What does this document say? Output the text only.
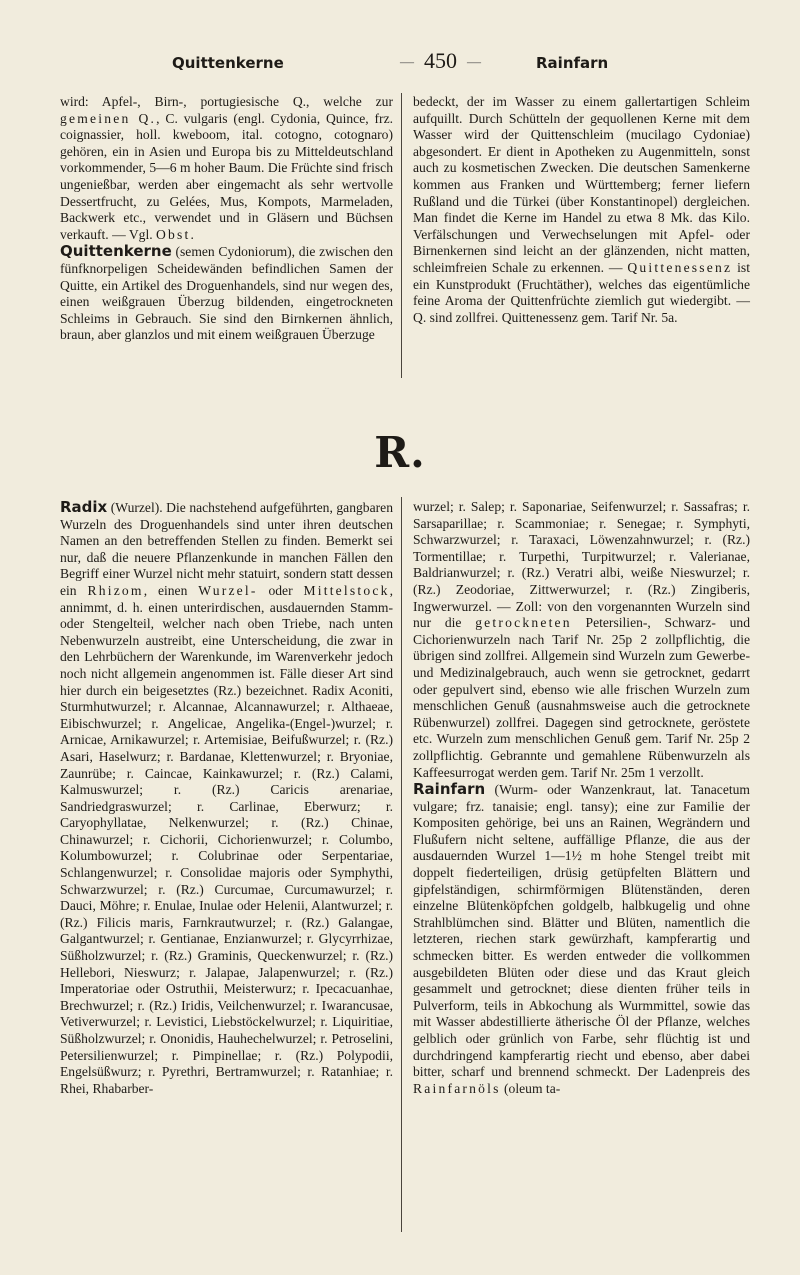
Quittenkerne	— 450 —	Rainfarn

wird: Apfel-, Birn-, portugiesische Q., welche zur gemeinen Q., C. vulgaris (engl. Cydonia, Quince, frz. coignassier, holl. kweboom, ital. cotogno, cotognaro) gehören, ein in Asien und Europa bis zu Mitteldeutschland vorkommender, 5—6 m hoher Baum. Die Früchte sind frisch ungenießbar, werden aber eingemacht als sehr wertvolle Dessertfrucht, zu Gelées, Mus, Kompots, Marmeladen, Backwerk etc., verwendet und in Gläsern und Büchsen verkauft. — Vgl. Obst.

Quittenkerne (semen Cydoniorum), die zwischen den fünfknorpeligen Scheidewänden befindlichen Samen der Quitte, ein Artikel des Droguenhandels, sind nur wegen des, einen weißgrauen Überzug bildenden, eingetrockneten Schleims in Gebrauch. Sie sind den Birnkernen ähnlich, braun, aber glanzlos und mit einem weißgrauen Überzuge

bedeckt, der im Wasser zu einem gallertartigen Schleim aufquillt. Durch Schütteln der gequollenen Kerne mit dem Wasser wird der Quittenschleim (mucilago Cydoniae) abgesondert. Er dient in Apotheken zu Augenmitteln, sonst auch zu kosmetischen Zwecken. Die deutschen Samenkerne kommen aus Franken und Württemberg; ferner liefern Rußland und die Türkei (über Konstantinopel) dergleichen. Man findet die Kerne im Handel zu etwa 8 Mk. das Kilo. Verfälschungen und Verwechselungen mit Apfel- oder Birnenkernen sind leicht an der glänzenden, nicht matten, schleimfreien Schale zu erkennen. — Quittenessenz ist ein Kunstprodukt (Fruchtäther), welches das eigentümliche feine Aroma der Quittenfrüchte ziemlich gut wiedergibt. — Q. sind zollfrei. Quittenessenz gem. Tarif Nr. 5a.

R.

Radix (Wurzel). Die nachstehend aufgeführten, gangbaren Wurzeln des Droguenhandels sind unter ihren deutschen Namen an den betreffenden Stellen zu finden. Bemerkt sei nur, daß die neuere Pflanzenkunde in manchen Fällen den Begriff einer Wurzel nicht mehr statuirt, sondern statt dessen ein Rhizom, einen Wurzel- oder Mittelstock, annimmt, d. h. einen unterirdischen, ausdauernden Stamm- oder Stengelteil, welcher nach oben Triebe, nach unten Nebenwurzeln austreibt, eine Unterscheidung, die zwar in den Lehrbüchern der Warenkunde, im Warenverkehr jedoch noch nicht allgemein angenommen ist. Fälle dieser Art sind hier durch ein beigesetztes (Rz.) bezeichnet. Radix Aconiti, Sturmhutwurzel; r. Alcannae, Alcannawurzel; r. Althaeae, Eibischwurzel; r. Angelicae, Angelika-(Engel-)wurzel; r. Arnicae, Arnikawurzel; r. Artemisiae, Beifußwurzel; r. (Rz.) Asari, Haselwurz; r. Bardanae, Klettenwurzel; r. Bryoniae, Zaunrübe; r. Caincae, Kainkawurzel; r. (Rz.) Calami, Kalmuswurzel; r. (Rz.) Caricis arenariae, Sandriedgraswurzel; r. Carlinae, Eberwurz; r. Caryophyllatae, Nelkenwurzel; r. (Rz.) Chinae, Chinawurzel; r. Cichorii, Cichorienwurzel; r. Columbo, Kolumbowurzel; r. Colubrinae oder Serpentariae, Schlangenwurzel; r. Consolidae majoris oder Symphythi, Schwarzwurzel; r. (Rz.) Curcumae, Curcumawurzel; r. Dauci, Möhre; r. Enulae, Inulae oder Helenii, Alantwurzel; r. (Rz.) Filicis maris, Farnkrautwurzel; r. (Rz.) Galangae, Galgantwurzel; r. Gentianae, Enzianwurzel; r. Glycyrrhizae, Süßholzwurzel; r. (Rz.) Graminis, Queckenwurzel; r. (Rz.) Hellebori, Nieswurz; r. Jalapae, Jalapenwurzel; r. (Rz.) Imperatoriae oder Ostruthii, Meisterwurz; r. Ipecacuanhae, Brechwurzel; r. (Rz.) Iridis, Veilchenwurzel; r. Iwarancusae, Vetiverwurzel; r. Levistici, Liebstöckelwurzel; r. Liquiritiae, Süßholzwurzel; r. Ononidis, Hauhechelwurzel; r. Petroselini, Petersilienwurzel; r. Pimpinellae; r. (Rz.) Polypodii, Engelsüßwurz; r. Pyrethri, Bertramwurzel; r. Ratanhiae; r. Rhei, Rhabarber-

wurzel; r. Salep; r. Saponariae, Seifenwurzel; r. Sassafras; r. Sarsaparillae; r. Scammoniae; r. Senegae; r. Symphyti, Schwarzwurzel; r. Taraxaci, Löwenzahnwurzel; r. (Rz.) Tormentillae; r. Turpethi, Turpitwurzel; r. Valerianae, Baldrianwurzel; r. (Rz.) Veratri albi, weiße Nieswurzel; r. (Rz.) Zeodoriae, Zittwerwurzel; r. (Rz.) Zingiberis, Ingwerwurzel. — Zoll: von den vorgenannten Wurzeln sind nur die getrockneten Petersilien-, Schwarz- und Cichorienwurzeln nach Tarif Nr. 25p 2 zollpflichtig, die übrigen sind zollfrei. Allgemein sind Wurzeln zum Gewerbe- und Medizinalgebrauch, auch wenn sie getrocknet, gedarrt oder gepulvert sind, ebenso wie alle frischen Wurzeln zum menschlichen Genuß (ausnahmsweise auch die getrocknete Rübenwurzel) zollfrei. Dagegen sind getrocknete, geröstete etc. Wurzeln zum menschlichen Genuß gem. Tarif Nr. 25p 2 zollpflichtig. Gebrannte und gemahlene Rübenwurzeln als Kaffeesurrogat werden gem. Tarif Nr. 25m 1 verzollt.

Rainfarn (Wurm- oder Wanzenkraut, lat. Tanacetum vulgare; frz. tanaisie; engl. tansy); eine zur Familie der Kompositen gehörige, bei uns an Rainen, Wegrändern und Flußufern nicht seltene, auffällige Pflanze, die aus der ausdauernden Wurzel 1—1½ m hohe Stengel treibt mit doppelt fiederteiligen, drüsig getüpfelten Blättern und gipfelständigen, schirmförmigen Blütenständen, deren einzelne Blütenköpfchen goldgelb, halbkugelig und ohne Strahlblümchen sind. Blätter und Blüten, namentlich die letzteren, riechen stark gewürzhaft, kampferartig und schmecken bitter. Es werden entweder die vollkommen ausgebildeten Blüten oder diese und das Kraut gleich gesammelt und getrocknet; diese dienten früher teils in Pulverform, teils in Abkochung als Wurmmittel, sowie das mit Wasser abdestillierte ätherische Öl der Pflanze, welches gelblich oder grünlich von Farbe, sehr flüchtig ist und durchdringend kampferartig riecht und ebenso, aber dabei bitter, scharf und brennend schmeckt. Der Ladenpreis des Rainfarnöls (oleum ta-
